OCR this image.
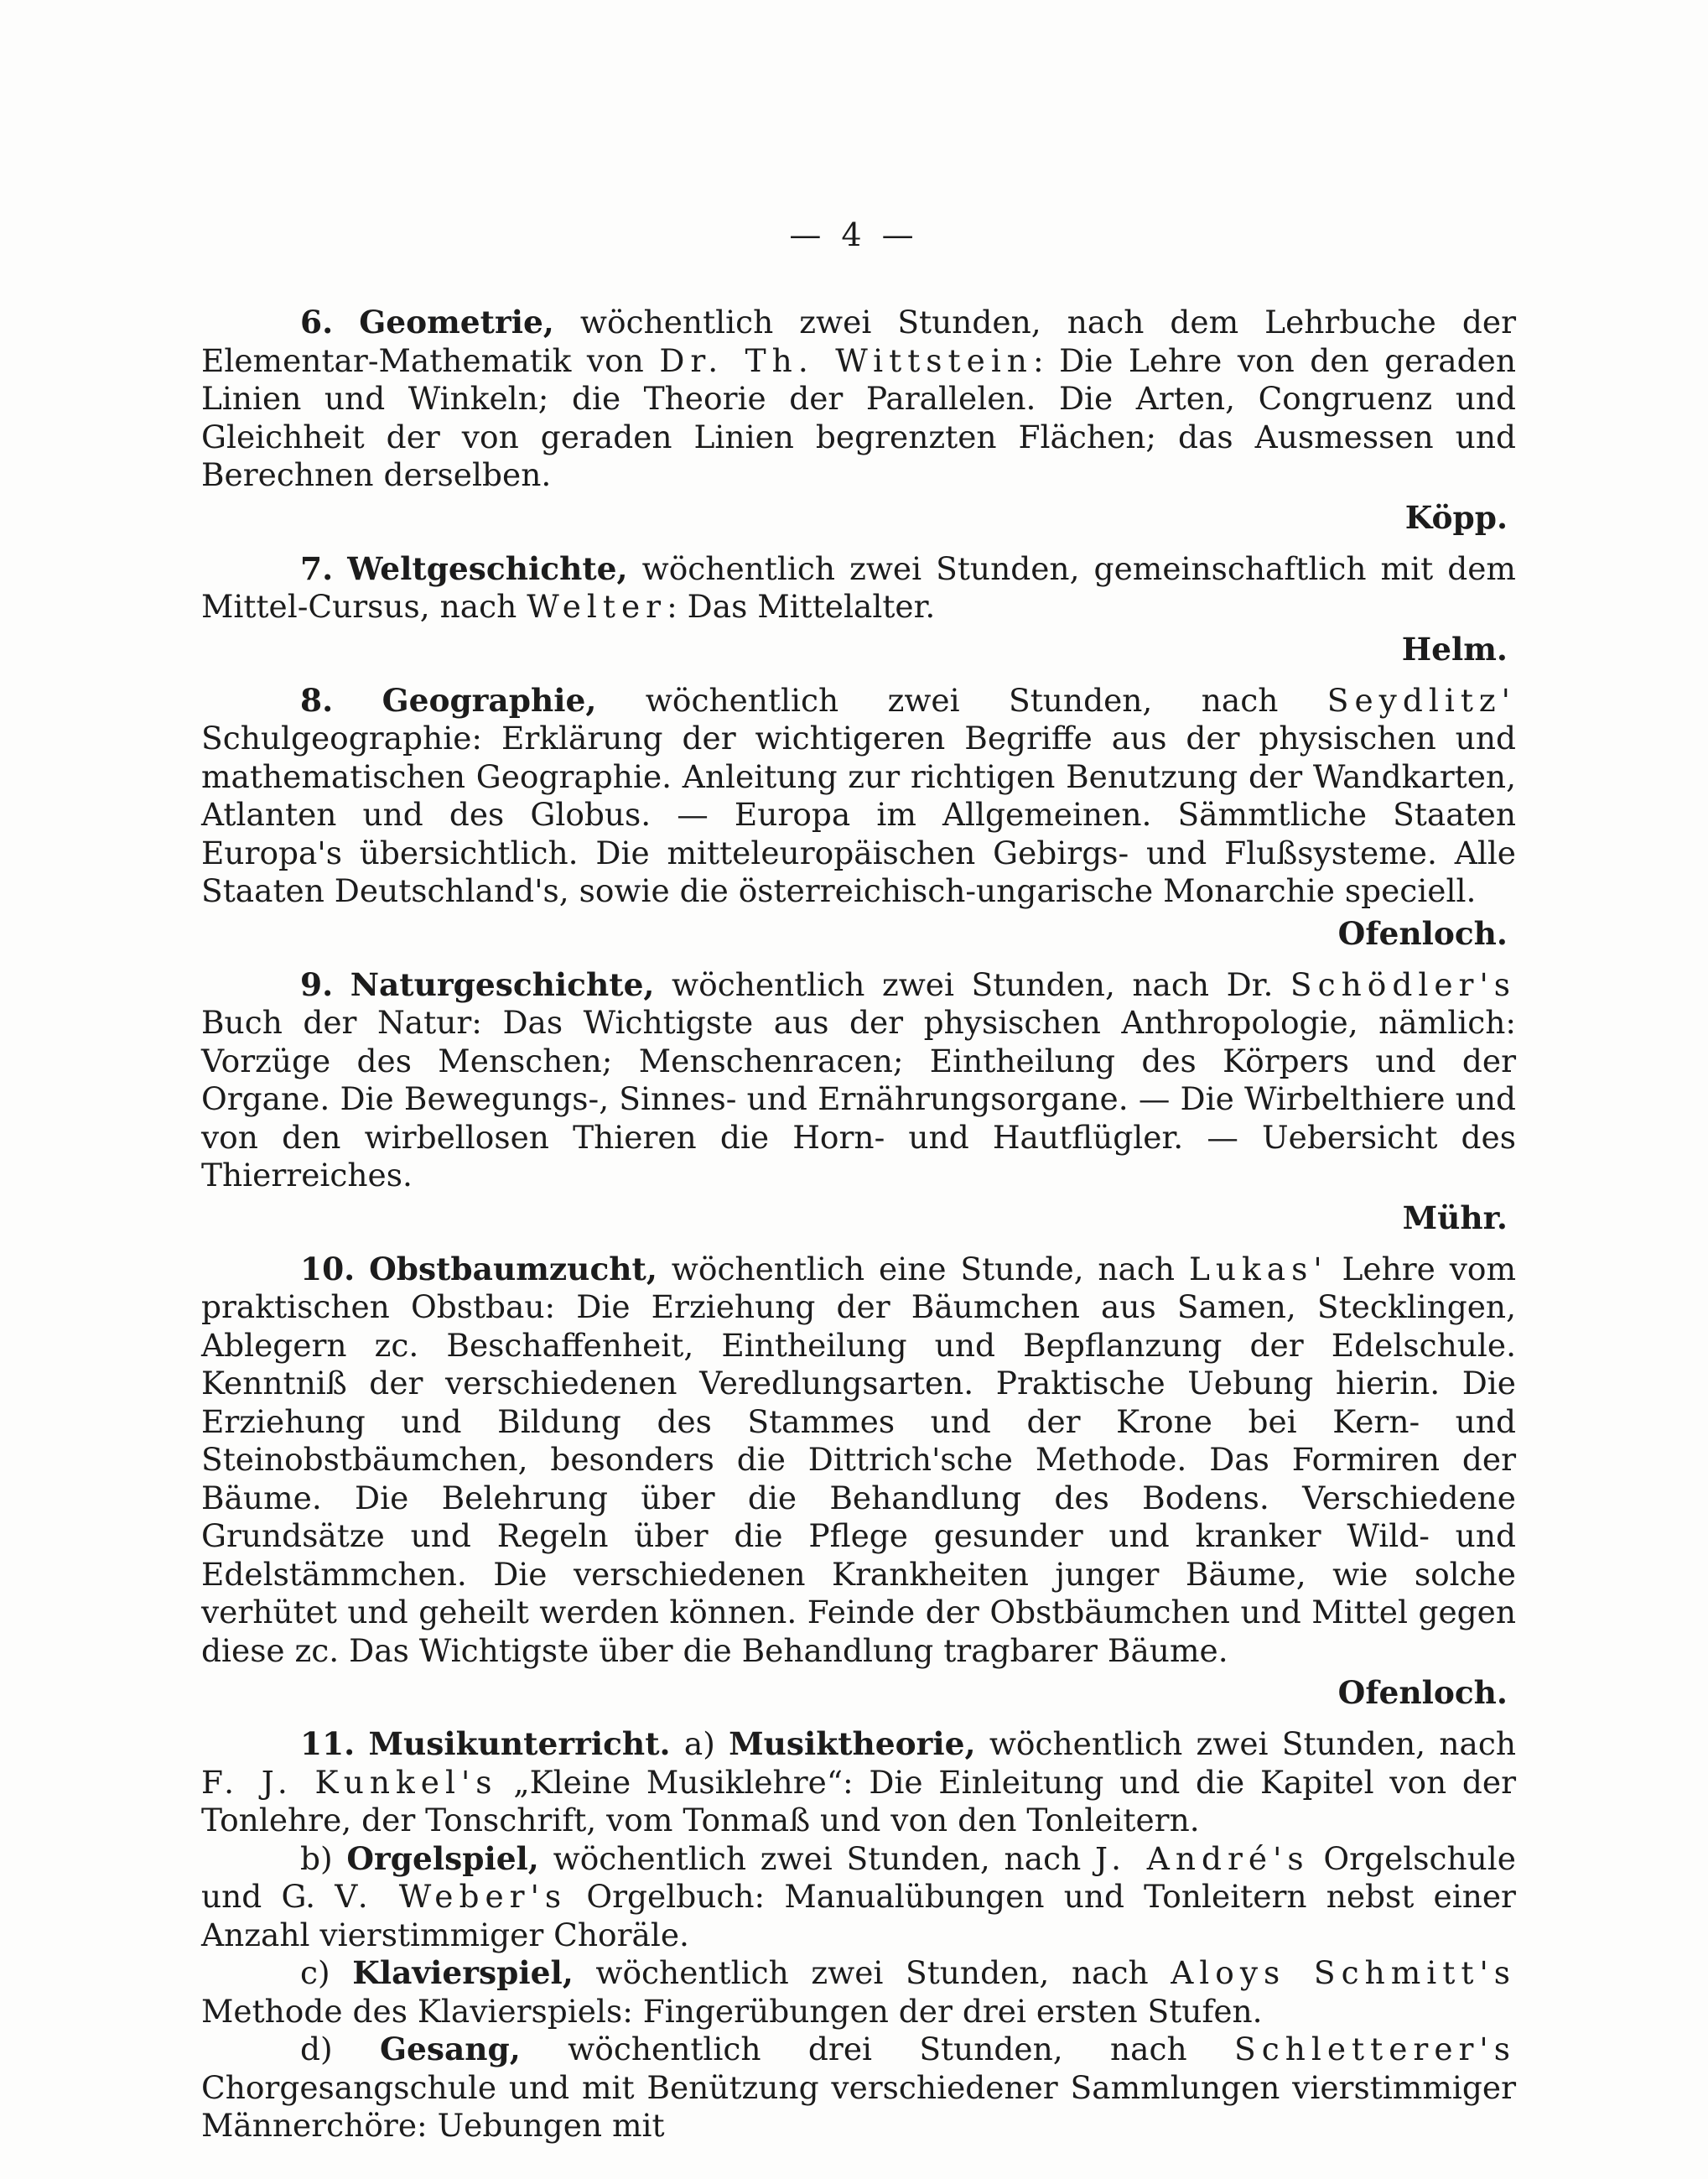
— 4 —

6. Geometrie, wöchentlich zwei Stunden, nach dem Lehrbuche der Elementar-Mathematik von Dr. Th. Wittstein: Die Lehre von den geraden Linien und Winkeln; die Theorie der Parallelen. Die Arten, Congruenz und Gleichheit der von geraden Linien begrenzten Flächen; das Ausmessen und Berechnen derselben.

Köpp.

7. Weltgeschichte, wöchentlich zwei Stunden, gemeinschaftlich mit dem Mittel-Cursus, nach Welter: Das Mittelalter.

Helm.

8. Geographie, wöchentlich zwei Stunden, nach Seydlitz' Schulgeographie: Erklärung der wichtigeren Begriffe aus der physischen und mathematischen Geographie. Anleitung zur richtigen Benutzung der Wandkarten, Atlanten und des Globus. — Europa im Allgemeinen. Sämmtliche Staaten Europa's übersichtlich. Die mitteleuropäischen Gebirgs- und Flußsysteme. Alle Staaten Deutschland's, sowie die österreichisch-ungarische Monarchie speciell.

Ofenloch.

9. Naturgeschichte, wöchentlich zwei Stunden, nach Dr. Schödler's Buch der Natur: Das Wichtigste aus der physischen Anthropologie, nämlich: Vorzüge des Menschen; Menschenracen; Eintheilung des Körpers und der Organe. Die Bewegungs-, Sinnes- und Ernährungsorgane. — Die Wirbelthiere und von den wirbellosen Thieren die Horn- und Hautflügler. — Uebersicht des Thierreiches.

Mühr.

10. Obstbaumzucht, wöchentlich eine Stunde, nach Lukas' Lehre vom praktischen Obstbau: Die Erziehung der Bäumchen aus Samen, Stecklingen, Ablegern zc. Beschaffenheit, Eintheilung und Bepflanzung der Edelschule. Kenntniß der verschiedenen Veredlungsarten. Praktische Uebung hierin. Die Erziehung und Bildung des Stammes und der Krone bei Kern- und Steinobstbäumchen, besonders die Dittrich'sche Methode. Das Formiren der Bäume. Die Belehrung über die Behandlung des Bodens. Verschiedene Grundsätze und Regeln über die Pflege gesunder und kranker Wild- und Edelstämmchen. Die verschiedenen Krankheiten junger Bäume, wie solche verhütet und geheilt werden können. Feinde der Obstbäumchen und Mittel gegen diese zc. Das Wichtigste über die Behandlung tragbarer Bäume.

Ofenloch.

11. Musikunterricht. a) Musiktheorie, wöchentlich zwei Stunden, nach F. J. Kunkel's „Kleine Musiklehre“: Die Einleitung und die Kapitel von der Tonlehre, der Tonschrift, vom Tonmaß und von den Tonleitern.

b) Orgelspiel, wöchentlich zwei Stunden, nach J. André's Orgelschule und G. V. Weber's Orgelbuch: Manualübungen und Tonleitern nebst einer Anzahl vierstimmiger Choräle.

c) Klavierspiel, wöchentlich zwei Stunden, nach Aloys Schmitt's Methode des Klavierspiels: Fingerübungen der drei ersten Stufen.

d) Gesang, wöchentlich drei Stunden, nach Schletterer's Chorgesangschule und mit Benützung verschiedener Sammlungen vierstimmiger Männerchöre: Uebungen mit
